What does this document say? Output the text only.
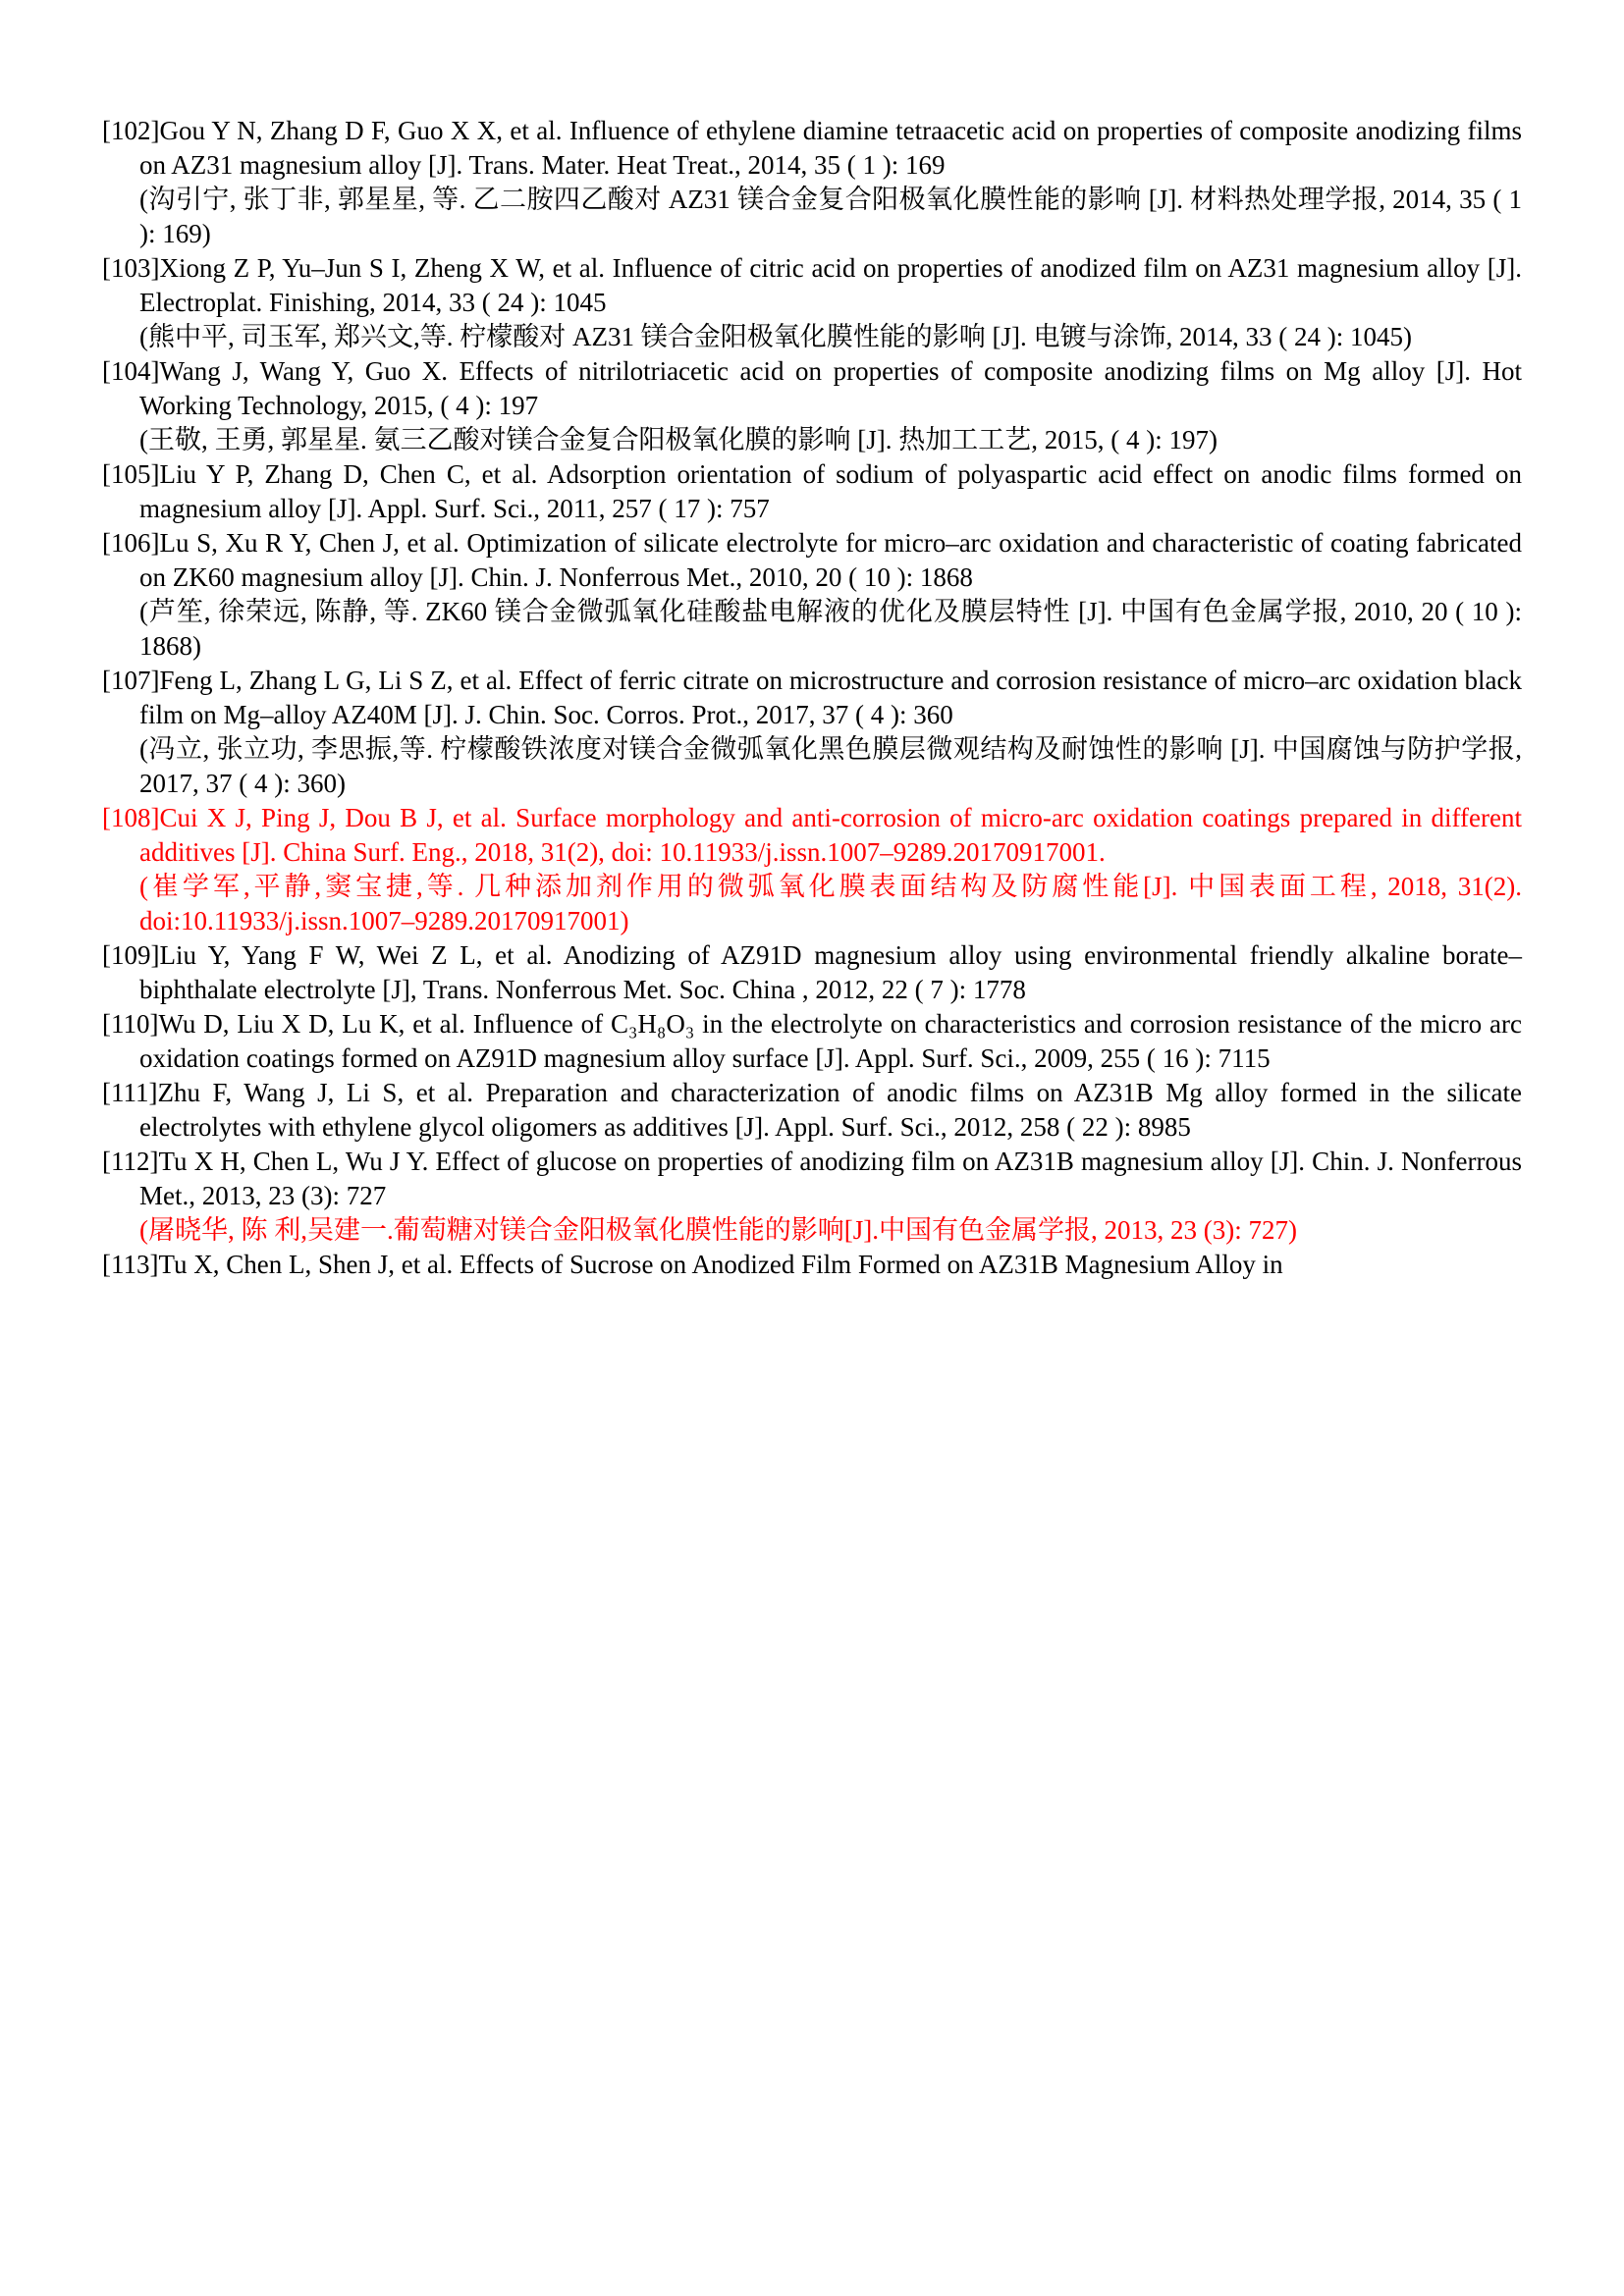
[102]Gou Y N, Zhang D F, Guo X X, et al. Influence of ethylene diamine tetraacetic acid on properties of composite anodizing films on AZ31 magnesium alloy [J]. Trans. Mater. Heat Treat., 2014, 35 ( 1 ): 169
(沟引宁, 张丁非, 郭星星, 等. 乙二胺四乙酸对 AZ31 镁合金复合阳极氧化膜性能的影响 [J]. 材料热处理学报, 2014, 35 ( 1 ): 169)
[103]Xiong Z P, Yu–Jun S I, Zheng X W, et al. Influence of citric acid on properties of anodized film on AZ31 magnesium alloy [J]. Electroplat. Finishing, 2014, 33 ( 24 ): 1045
(熊中平, 司玉军, 郑兴文,等. 柠檬酸对 AZ31 镁合金阳极氧化膜性能的影响 [J]. 电镀与涂饰, 2014, 33 ( 24 ): 1045)
[104]Wang J, Wang Y, Guo X. Effects of nitrilotriacetic acid on properties of composite anodizing films on Mg alloy [J]. Hot Working Technology, 2015, ( 4 ): 197
(王敬, 王勇, 郭星星. 氨三乙酸对镁合金复合阳极氧化膜的影响 [J]. 热加工工艺, 2015, ( 4 ): 197)
[105]Liu Y P, Zhang D, Chen C, et al. Adsorption orientation of sodium of polyaspartic acid effect on anodic films formed on magnesium alloy [J]. Appl. Surf. Sci., 2011, 257 ( 17 ): 757
[106]Lu S, Xu R Y, Chen J, et al. Optimization of silicate electrolyte for micro–arc oxidation and characteristic of coating fabricated on ZK60 magnesium alloy [J]. Chin. J. Nonferrous Met., 2010, 20 ( 10 ): 1868
(芦笙, 徐荣远, 陈静, 等. ZK60 镁合金微弧氧化硅酸盐电解液的优化及膜层特性 [J]. 中国有色金属学报, 2010, 20 ( 10 ): 1868)
[107]Feng L, Zhang L G, Li S Z, et al. Effect of ferric citrate on microstructure and corrosion resistance of micro–arc oxidation black film on Mg–alloy AZ40M [J]. J. Chin. Soc. Corros. Prot., 2017, 37 ( 4 ): 360
(冯立, 张立功, 李思振,等. 柠檬酸铁浓度对镁合金微弧氧化黑色膜层微观结构及耐蚀性的影响 [J]. 中国腐蚀与防护学报, 2017, 37 ( 4 ): 360)
[108]Cui X J, Ping J, Dou B J, et al. Surface morphology and anti-corrosion of micro-arc oxidation coatings prepared in different additives [J]. China Surf. Eng., 2018, 31(2), doi: 10.11933/j.issn.1007–9289.20170917001.
(崔学军,平静,窦宝捷,等. 几种添加剂作用的微弧氧化膜表面结构及防腐性能[J]. 中国表面工程, 2018, 31(2). doi:10.11933/j.issn.1007–9289.20170917001)
[109]Liu Y, Yang F W, Wei Z L, et al. Anodizing of AZ91D magnesium alloy using environmental friendly alkaline borate–biphthalate electrolyte [J], Trans. Nonferrous Met. Soc. China , 2012, 22 ( 7 ): 1778
[110]Wu D, Liu X D, Lu K, et al. Influence of C₃H₈O₃ in the electrolyte on characteristics and corrosion resistance of the micro arc oxidation coatings formed on AZ91D magnesium alloy surface [J]. Appl. Surf. Sci., 2009, 255 ( 16 ): 7115
[111]Zhu F, Wang J, Li S, et al. Preparation and characterization of anodic films on AZ31B Mg alloy formed in the silicate electrolytes with ethylene glycol oligomers as additives [J]. Appl. Surf. Sci., 2012, 258 ( 22 ): 8985
[112]Tu X H, Chen L, Wu J Y. Effect of glucose on properties of anodizing film on AZ31B magnesium alloy [J]. Chin. J. Nonferrous Met., 2013, 23 (3): 727
(屠晓华, 陈 利,吴建一.葡萄糖对镁合金阳极氧化膜性能的影响[J].中国有色金属学报, 2013, 23 (3): 727)
[113]Tu X, Chen L, Shen J, et al. Effects of Sucrose on Anodized Film Formed on AZ31B Magnesium Alloy in
